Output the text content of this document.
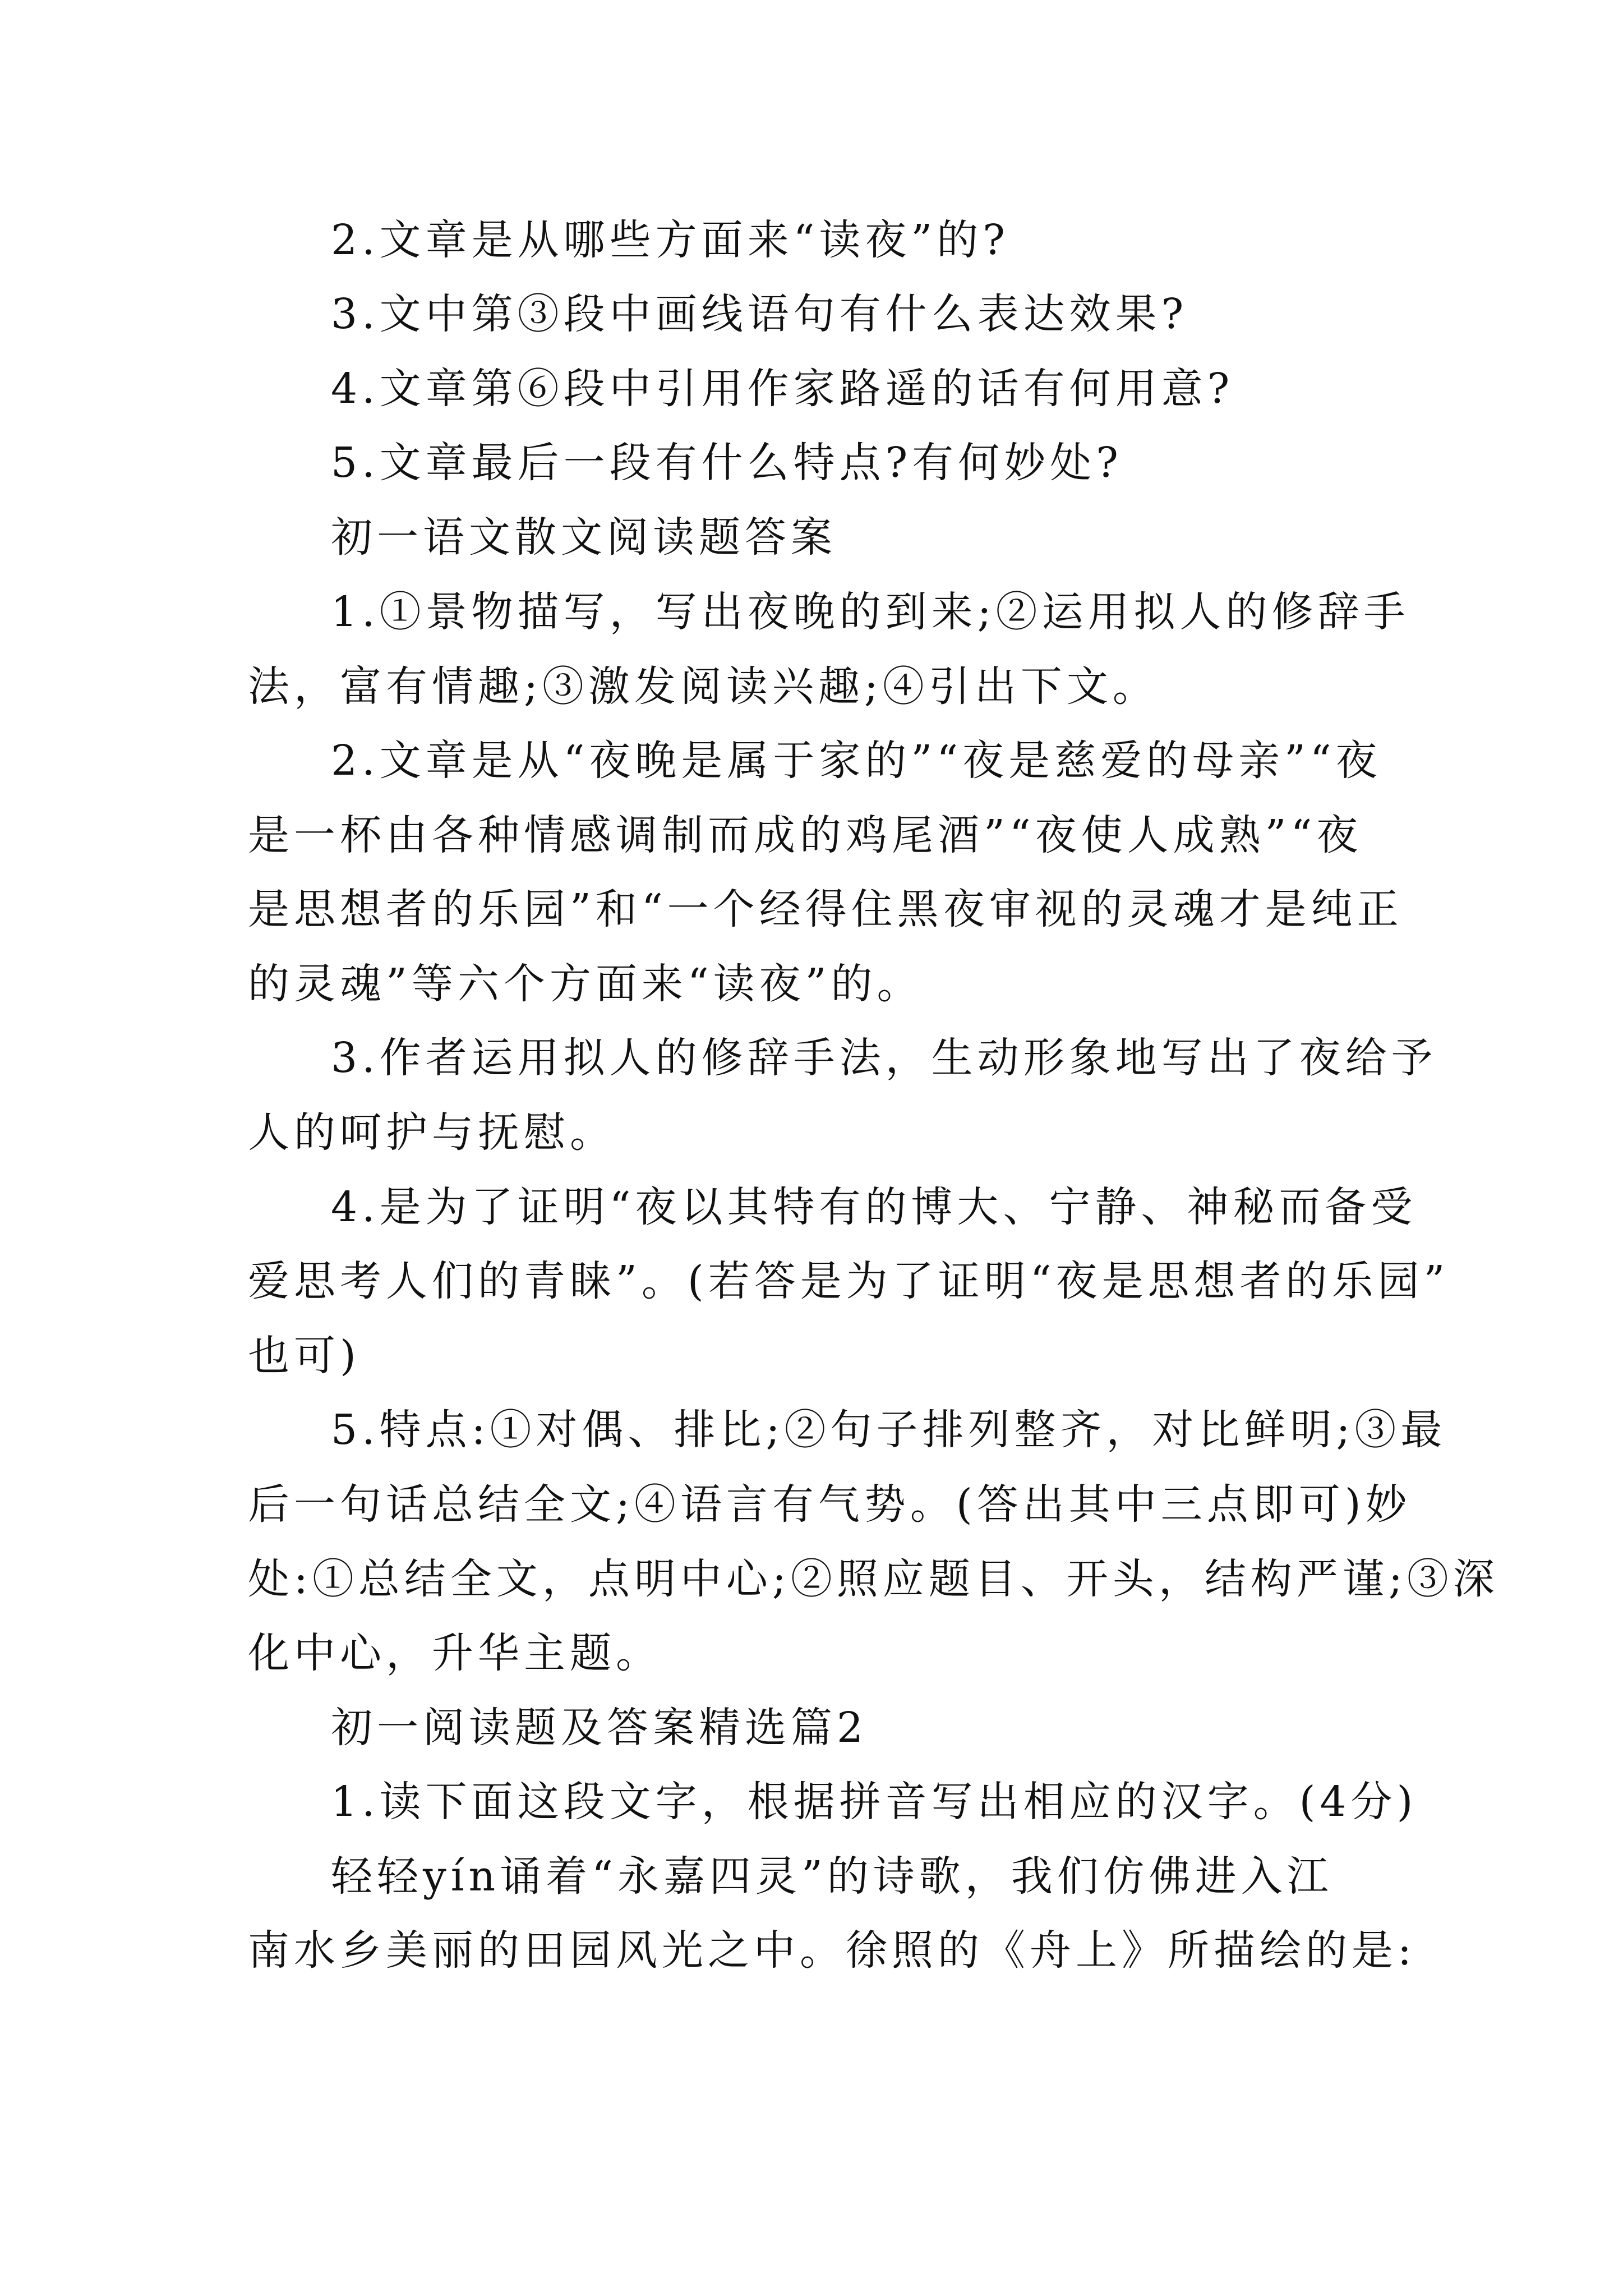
2.文章是从哪些方面来“读夜”的?
3.文中第③段中画线语句有什么表达效果?
4.文章第⑥段中引用作家路遥的话有何用意?
5.文章最后一段有什么特点?有何妙处?
初一语文散文阅读题答案
1.①景物描写，写出夜晚的到来;②运用拟人的修辞手
法，富有情趣;③激发阅读兴趣;④引出下文。
2.文章是从“夜晚是属于家的”“夜是慈爱的母亲”“夜
是一杯由各种情感调制而成的鸡尾酒”“夜使人成熟”“夜
是思想者的乐园”和“一个经得住黑夜审视的灵魂才是纯正
的灵魂”等六个方面来“读夜”的。
3.作者运用拟人的修辞手法，生动形象地写出了夜给予
人的呵护与抚慰。
4.是为了证明“夜以其特有的博大、宁静、神秘而备受
爱思考人们的青睐”。(若答是为了证明“夜是思想者的乐园”
也可)
5.特点:①对偶、排比;②句子排列整齐，对比鲜明;③最
后一句话总结全文;④语言有气势。(答出其中三点即可)妙
处:①总结全文，点明中心;②照应题目、开头，结构严谨;③深
化中心，升华主题。
初一阅读题及答案精选篇2
1.读下面这段文字，根据拼音写出相应的汉字。(4分)
轻轻yín诵着“永嘉四灵”的诗歌，我们仿佛进入江
南水乡美丽的田园风光之中。徐照的《舟上》所描绘的是:
